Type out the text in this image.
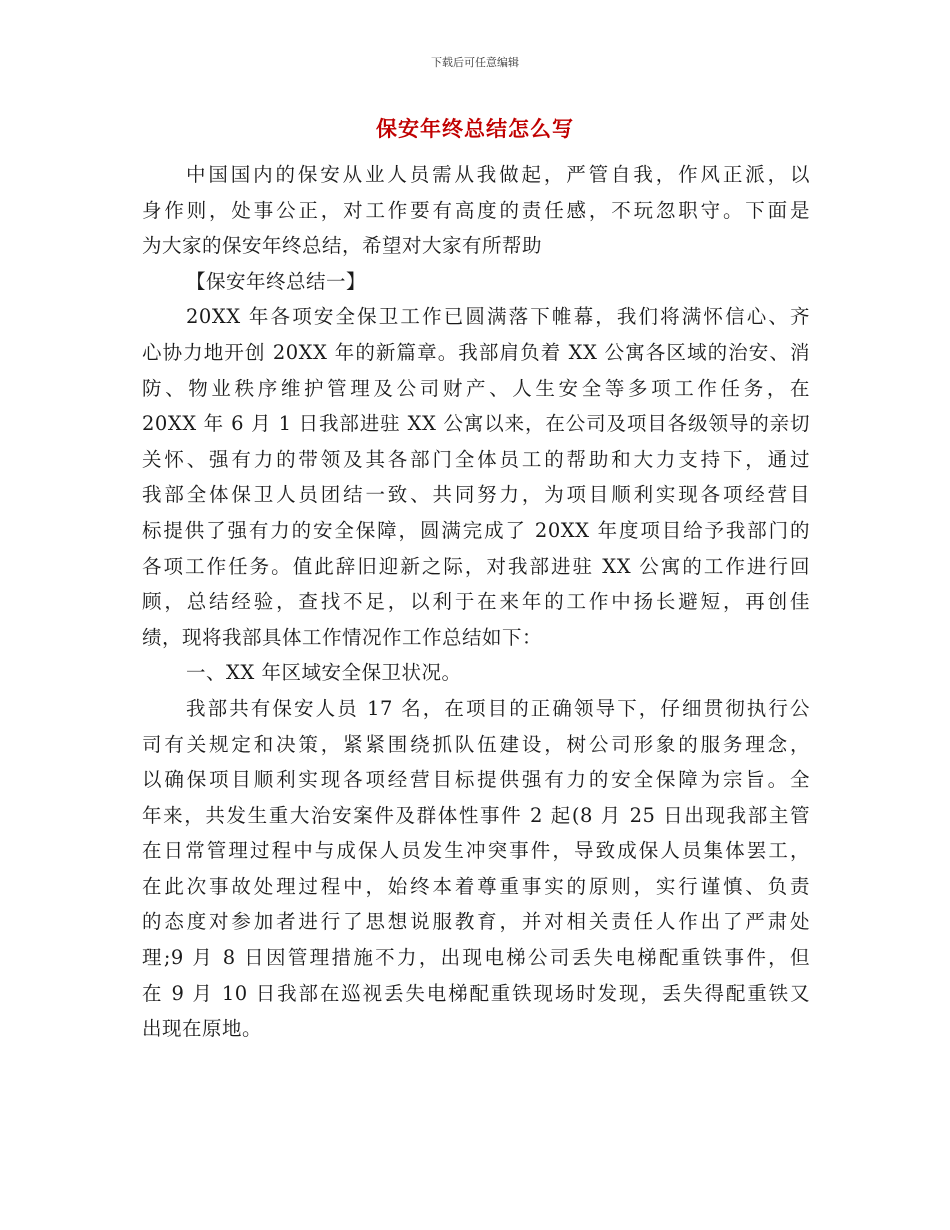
下载后可任意编辑
保安年终总结怎么写
中国国内的保安从业人员需从我做起，严管自我，作风正派，以
身作则，处事公正，对工作要有高度的责任感，不玩忽职守。下面是
为大家的保安年终总结，希望对大家有所帮助
【保安年终总结一】
20XX 年各项安全保卫工作已圆满落下帷幕，我们将满怀信心、齐
心协力地开创 20XX 年的新篇章。我部肩负着 XX 公寓各区域的治安、消
防、物业秩序维护管理及公司财产、人生安全等多项工作任务，在
20XX 年 6 月 1 日我部进驻 XX 公寓以来，在公司及项目各级领导的亲切
关怀、强有力的带领及其各部门全体员工的帮助和大力支持下，通过
我部全体保卫人员团结一致、共同努力，为项目顺利实现各项经营目
标提供了强有力的安全保障，圆满完成了 20XX 年度项目给予我部门的
各项工作任务。值此辞旧迎新之际，对我部进驻 XX 公寓的工作进行回
顾，总结经验，查找不足，以利于在来年的工作中扬长避短，再创佳
绩，现将我部具体工作情况作工作总结如下：
一、XX 年区域安全保卫状况。
我部共有保安人员 17 名，在项目的正确领导下，仔细贯彻执行公
司有关规定和决策，紧紧围绕抓队伍建设，树公司形象的服务理念，
以确保项目顺利实现各项经营目标提供强有力的安全保障为宗旨。全
年来，共发生重大治安案件及群体性事件 2 起(8 月 25 日出现我部主管
在日常管理过程中与成保人员发生冲突事件，导致成保人员集体罢工，
在此次事故处理过程中，始终本着尊重事实的原则，实行谨慎、负责
的态度对参加者进行了思想说服教育，并对相关责任人作出了严肃处
理;9 月 8 日因管理措施不力，出现电梯公司丢失电梯配重铁事件，但
在 9 月 10 日我部在巡视丢失电梯配重铁现场时发现，丢失得配重铁又
出现在原地。
